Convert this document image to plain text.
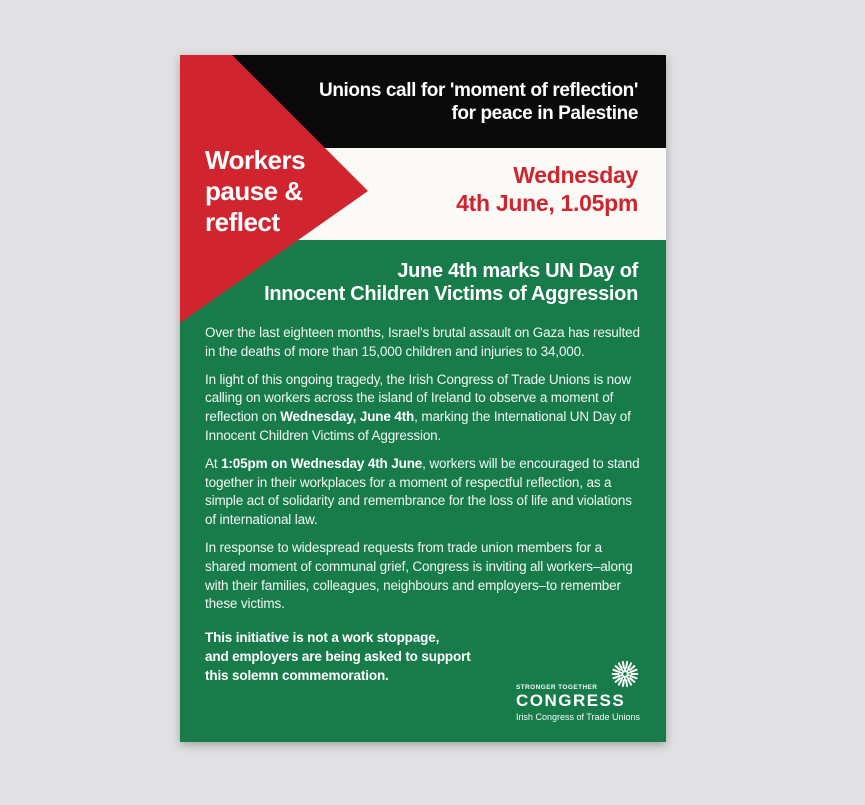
Unions call for 'moment of reflection'
for peace in Palestine
Wednesday
4th June, 1.05pm
June 4th marks UN Day of
Innocent Children Victims of Aggression

Over the last eighteen months, Israel's brutal assault on Gaza has resulted in the deaths of more than 15,000 children and injuries to 34,000.

In light of this ongoing tragedy, the Irish Congress of Trade Unions is now calling on workers across the island of Ireland to observe a moment of reflection on Wednesday, June 4th, marking the International UN Day of Innocent Children Victims of Aggression.

At 1:05pm on Wednesday 4th June, workers will be encouraged to stand together in their workplaces for a moment of respectful reflection, as a simple act of solidarity and remembrance for the loss of life and violations of international law.

In response to widespread requests from trade union members for a shared moment of communal grief, Congress is inviting all workers–along with their families, colleagues, neighbours and employers–to remember these victims.

This initiative is not a work stoppage,
and employers are being asked to support
this solemn commemoration.

STRONGER TOGETHER
CONGRESS
Irish Congress of Trade Unions
Workers
pause &
reflect
